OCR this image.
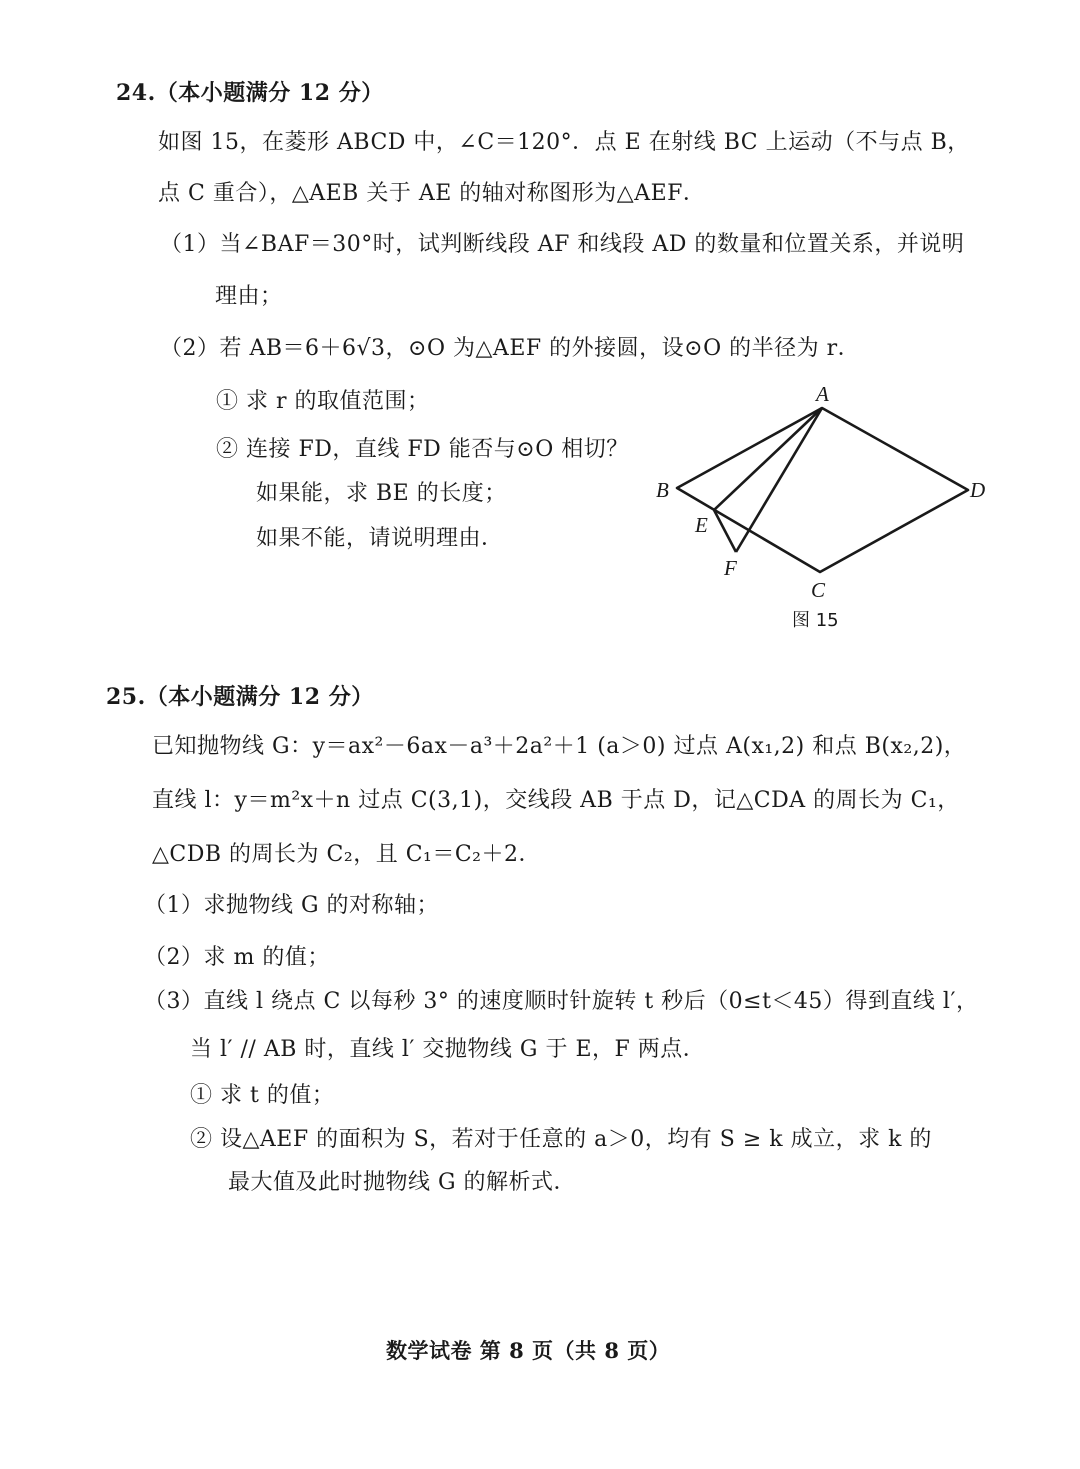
24.（本小题满分 12 分）
如图 15，在菱形 ABCD 中，∠C＝120°．点 E 在射线 BC 上运动（不与点 B，
点 C 重合），△AEB 关于 AE 的轴对称图形为△AEF．
（1）当∠BAF＝30°时，试判断线段 AF 和线段 AD 的数量和位置关系，并说明
理由；
（2）若 AB＝6＋6√3，⊙O 为△AEF 的外接圆，设⊙O 的半径为 r．
① 求 r 的取值范围；
② 连接 FD，直线 FD 能否与⊙O 相切？
如果能，求 BE 的长度；
如果不能，请说明理由．
A
B
C
D
E
F
图 15
25.（本小题满分 12 分）
已知抛物线 G：y＝ax²－6ax－a³＋2a²＋1 (a＞0) 过点 A(x₁,2) 和点 B(x₂,2)，
直线 l：y＝m²x＋n 过点 C(3,1)，交线段 AB 于点 D，记△CDA 的周长为 C₁，
△CDB 的周长为 C₂，且 C₁＝C₂＋2．
（1）求抛物线 G 的对称轴；
（2）求 m 的值；
（3）直线 l 绕点 C 以每秒 3° 的速度顺时针旋转 t 秒后（0≤t＜45）得到直线 l′，
当 l′ // AB 时，直线 l′ 交抛物线 G 于 E，F 两点．
① 求 t 的值；
② 设△AEF 的面积为 S，若对于任意的 a＞0，均有 S ≥ k 成立，求 k 的
最大值及此时抛物线 G 的解析式．
数学试卷 第 8 页（共 8 页）
